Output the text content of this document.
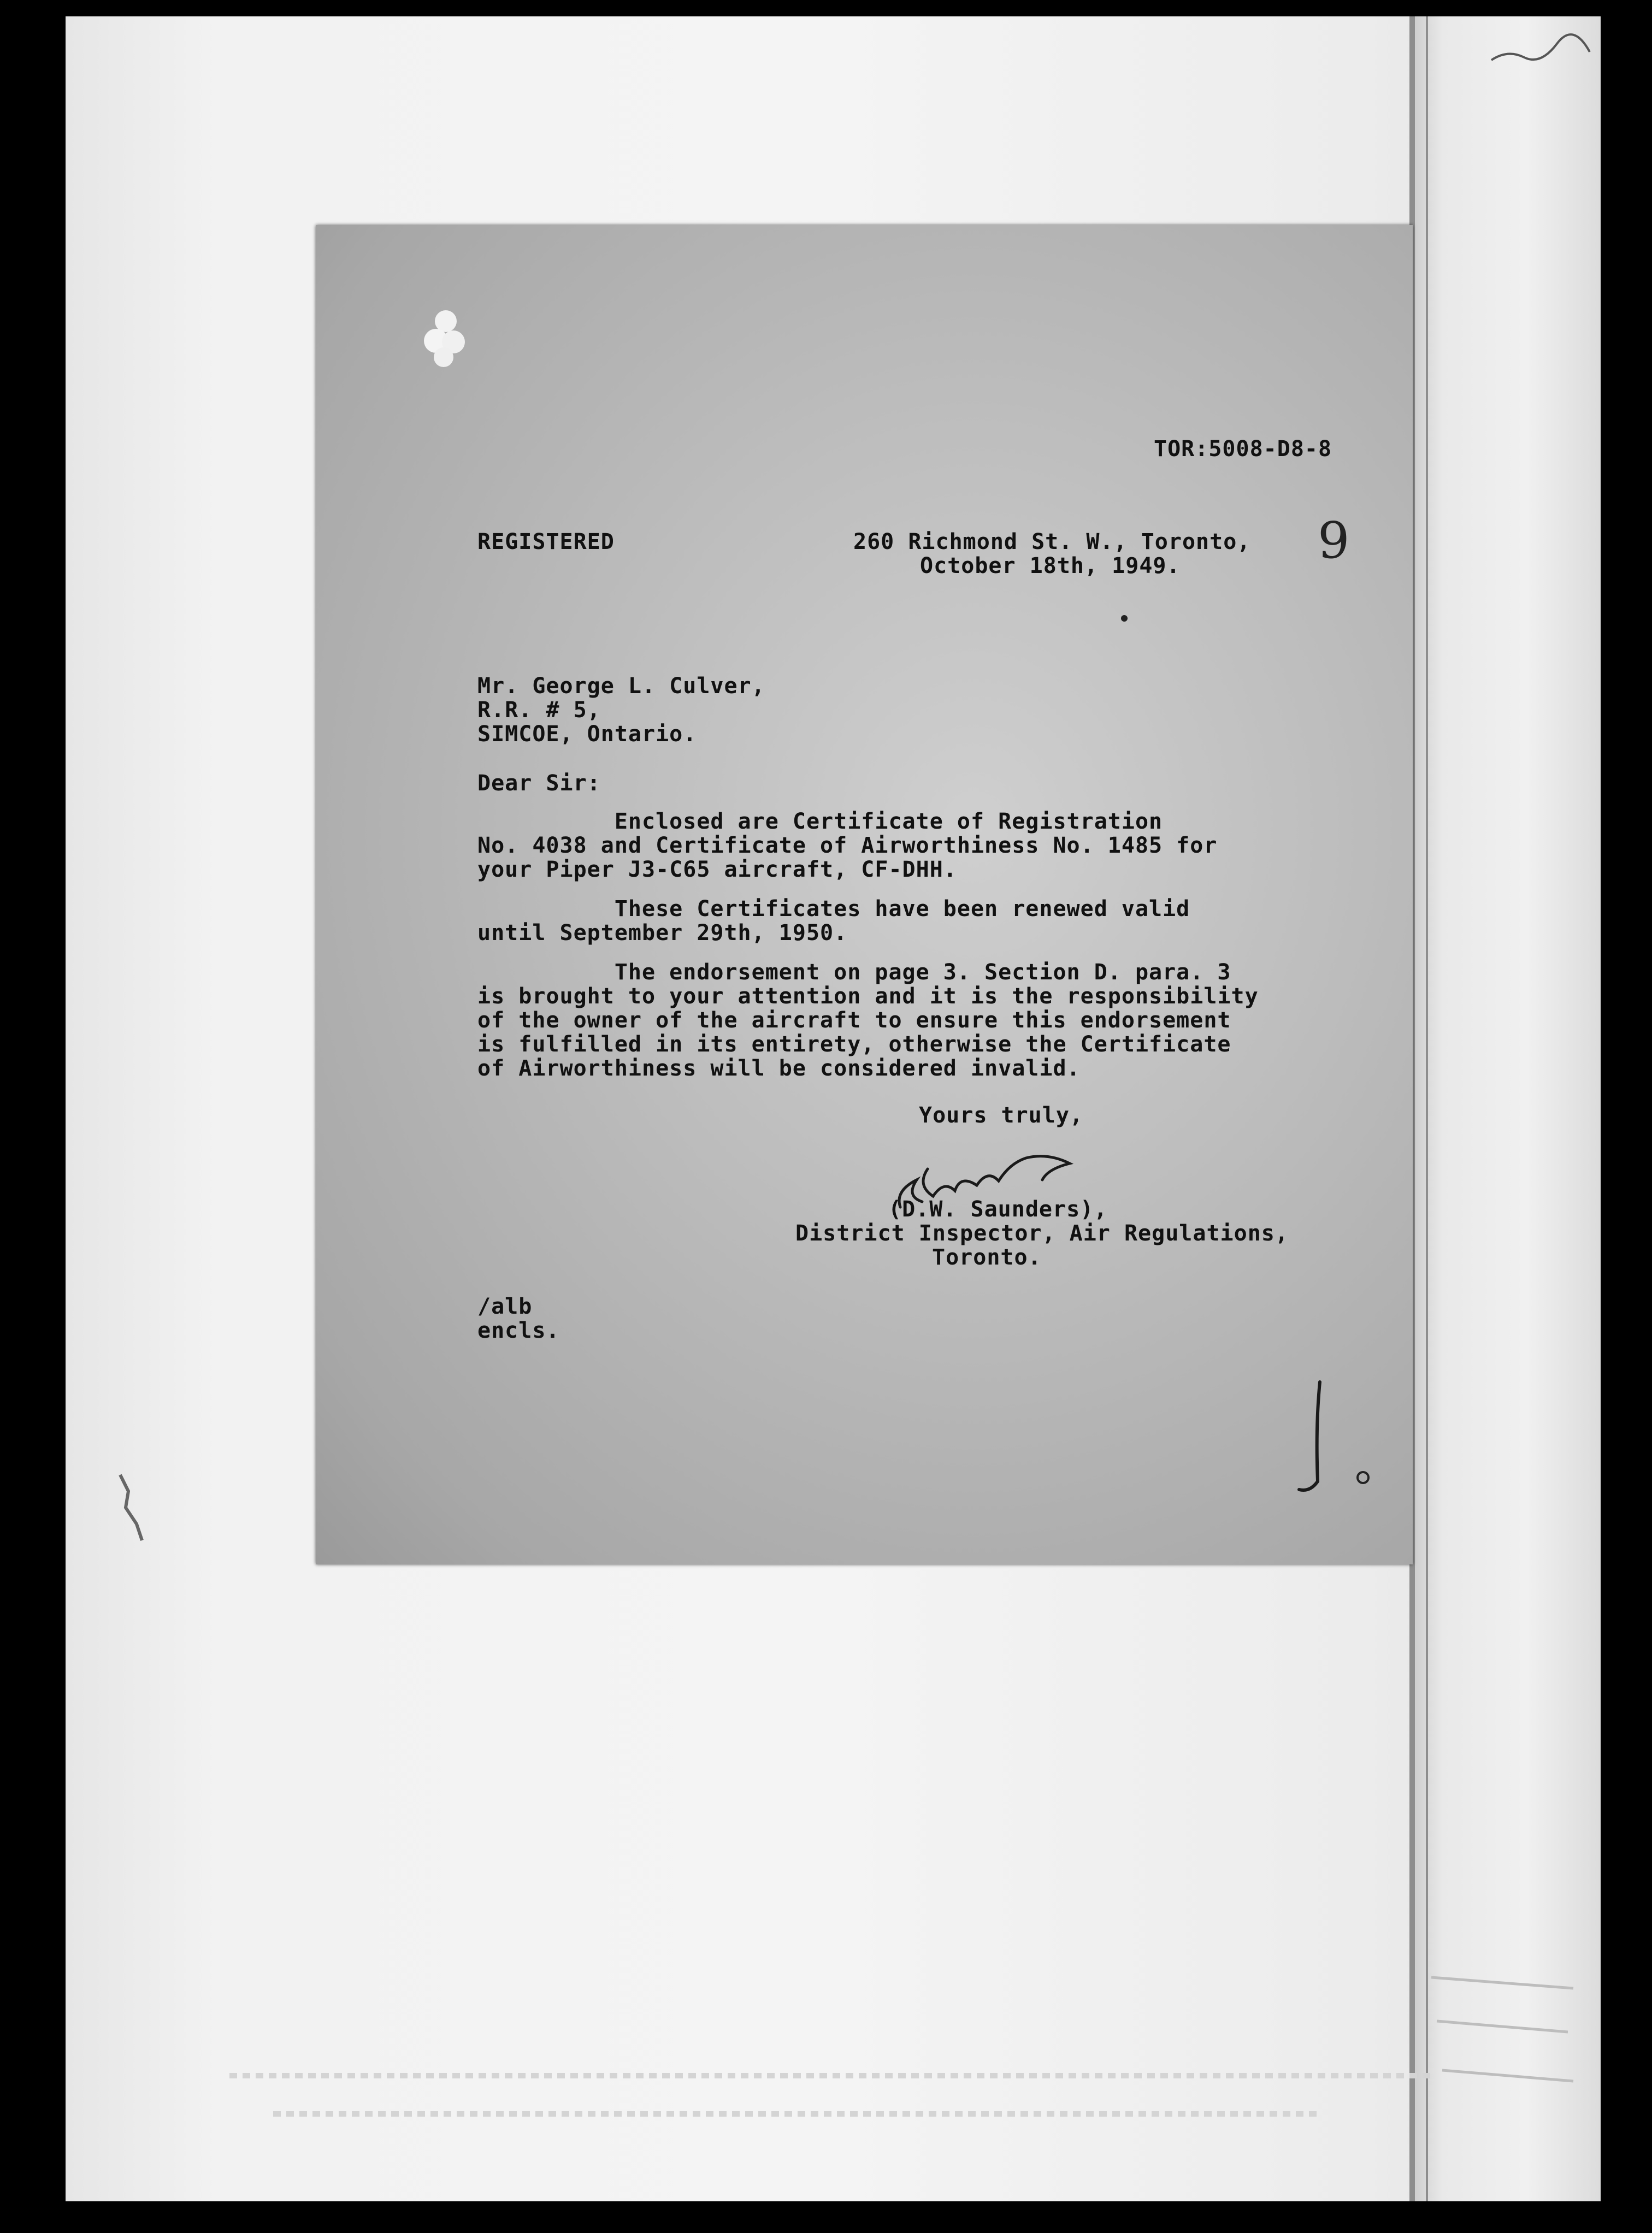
TOR:5008-D8-8
REGISTERED	260 Richmond St. W., Toronto,
October 18th, 1949.	9
Mr. George L. Culver,
R.R. # 5,
SIMCOE, Ontario.
Dear Sir:
Enclosed are Certificate of Registration
No. 4038 and Certificate of Airworthiness No. 1485 for
your Piper J3-C65 aircraft, CF-DHH.
These Certificates have been renewed valid
until September 29th, 1950.
The endorsement on page 3. Section D. para. 3
is brought to your attention and it is the responsibility
of the owner of the aircraft to ensure this endorsement
is fulfilled in its entirety, otherwise the Certificate
of Airworthiness will be considered invalid.
Yours truly,
(D.W. Saunders),
District Inspector, Air Regulations,
Toronto.
/alb
encls.
